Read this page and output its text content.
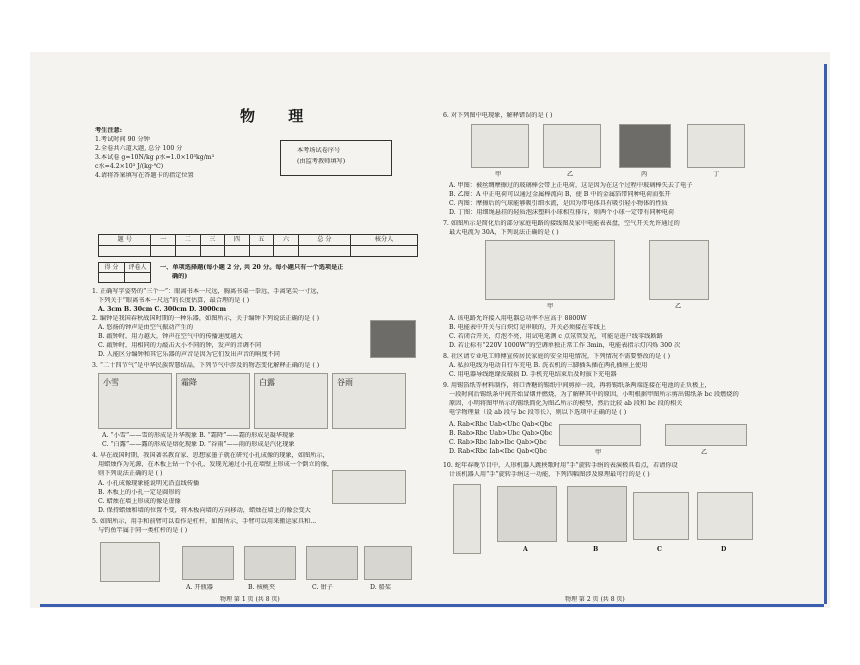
物 理
考生注意:
1.考试时间 90 分钟
2.全卷共六道大题, 总分 100 分
3.本试卷 g=10N/kg ρ水=1.0×10³kg/m³
c水=4.2×10³ J/(kg·℃)
4.请将答案填写在答题卡的指定位置
本考场试卷序号
(由监考教师填写)
题 号	一	二	三	四	五	六	总 分	核分人

得 分	评卷人
	一、单项选择题(每小题 2 分, 共 20 分。每小题只有一个选项是正
确的)
1. 正确写字姿势的“三个一”：眼离书本一尺远，胸离书桌一拳远，手离笔尖一寸远，
下列关于“眼离书本一尺远”的长度估算，最合理的是 ( )
A. 3cm B. 30cm C. 300cm D. 3000cm
2. 编钟是我国春秋战国时期的一种乐器，如图所示，关于编钟下列说法正确的是 ( )
A. 悠扬的钟声是由空气振动产生的
B. 敲钟时，用力越大，钟声在空气中的传播速度越大
C. 敲钟时，用相同的力敲击大小不同的钟，发声的音调不同
D. 人能区分编钟和其它乐器的声音是因为它们发出声音的响度不同
3. “二十四节气”是中华民族智慧结晶，下列节气中涉及的物态变化解释正确的是 ( )
小雪	霜降	白露	谷雨
A. “小雪”——雪的形成是升华现象 B. “霜降”——霜的形成是凝华现象
C. “白露”——露的形成是熔化现象 D. “谷雨”——雨的形成是汽化现象
4. 早在战国时期，我国著名教育家、思想家墨子就在研究小孔成像的现象，如图所示，
用蜡烛作为光源，在木板上钻一个小孔，发现光通过小孔在墙壁上形成一个倒立的像，
则下列说法正确的是 ( )
A. 小孔成像现象能说明光沿直线传播
B. 木板上的小孔一定是圆形的
C. 蜡烛在墙上形成的像是虚像
D. 保持蜡烛和墙的位置不变，将木板向墙的方向移动，蜡烛在墙上的像会变大
5. 如图所示，用手和前臂可以看作是杠杆，如图所示，手臂可以用来搬运家具和...
与钓鱼竿属于同一类杠杆的是 ( )
A. 开瓶器	B. 核桃夹	C. 钳子	D. 船桨
物理 第 1 页 (共 8 页)
6. 对下列图中电现象，解释错误的是 ( )
甲	乙	丙	丁
A. 甲图：被丝绸摩擦过的玻璃棒会带上正电荷，这是因为在这个过程中玻璃棒失去了电子
B. 乙图：A 中正电荷可以通过金属棒流向 B，使 B 中的金属箔带同种电荷而张开
C. 丙图：摩擦后的气球能够吸引细水流，是因为带电体具有吸引轻小物体的性质
D. 丁图：用细绳悬挂的轻质泡沫塑料小球相互排斥，则两个小球一定带有同种电荷
7. 如图所示是简化后的部分家庭电路的接线图及家中电能表表盘，空气开关允许通过的
最大电流为 30A，下列说法正确的是 ( )
甲	乙
A. 该电路允许接入用电器总功率不应高于 8800W
B. 电能表中开关与白炽灯是串联的，开关必须接在零线上
C. 若闭合开关，灯泡不亮，用试电笔测 c 点氖管发光，可能是进户线零线断路
D. 若让标有“220V 1000W”的空调单独正常工作 3min，电能表指示灯闪烁 300 次
8. 社区请专业电工师傅宣传居民家庭的安全用电情况，下列情况不需要整改的是 ( )
A. 私拉电线为电动自行车充电 B. 洗衣机的三脚插头插在两孔插座上使用
C. 用电器导线绝缘皮破损 D. 手机充电结束后及时拔下充电器
9. 用锡箔纸等材料制作，将口香糖的锡纸中间剪掉一段，再将锡纸条两端连接在电池的正负极上，
一段时间后锡纸条中间开始冒烟并燃烧，为了解释其中的原因，小明根据甲图所示剪出锡纸条 bc 段燃烧的
原因，小明将图甲所示的锡纸简化为图乙所示的模型，然后比较 ab 段和 bc 段的相关
电学物理量（设 ab 段与 bc 段等长），则以下选项中正确的是 ( )
A. Rab<Rbc Uab<Ubc Qab<Qbc
B. Rab>Rbc Uab>Ubc Qab>Qbc
C. Rab>Rbc Iab>Ibc Qab>Qbc
D. Rab<Rbc Iab<Ibc Qab<Qbc	甲	乙
10. 蛇年春晚节目中，人形机器人跳秧歌时用“手”旋转手绢的表演极具看点，若请你设
计该机器人用“手”旋转手绢这一功能，下列四幅图涉及原理最可行的是 ( )
A	B	C	D
物理 第 2 页 (共 8 页)
